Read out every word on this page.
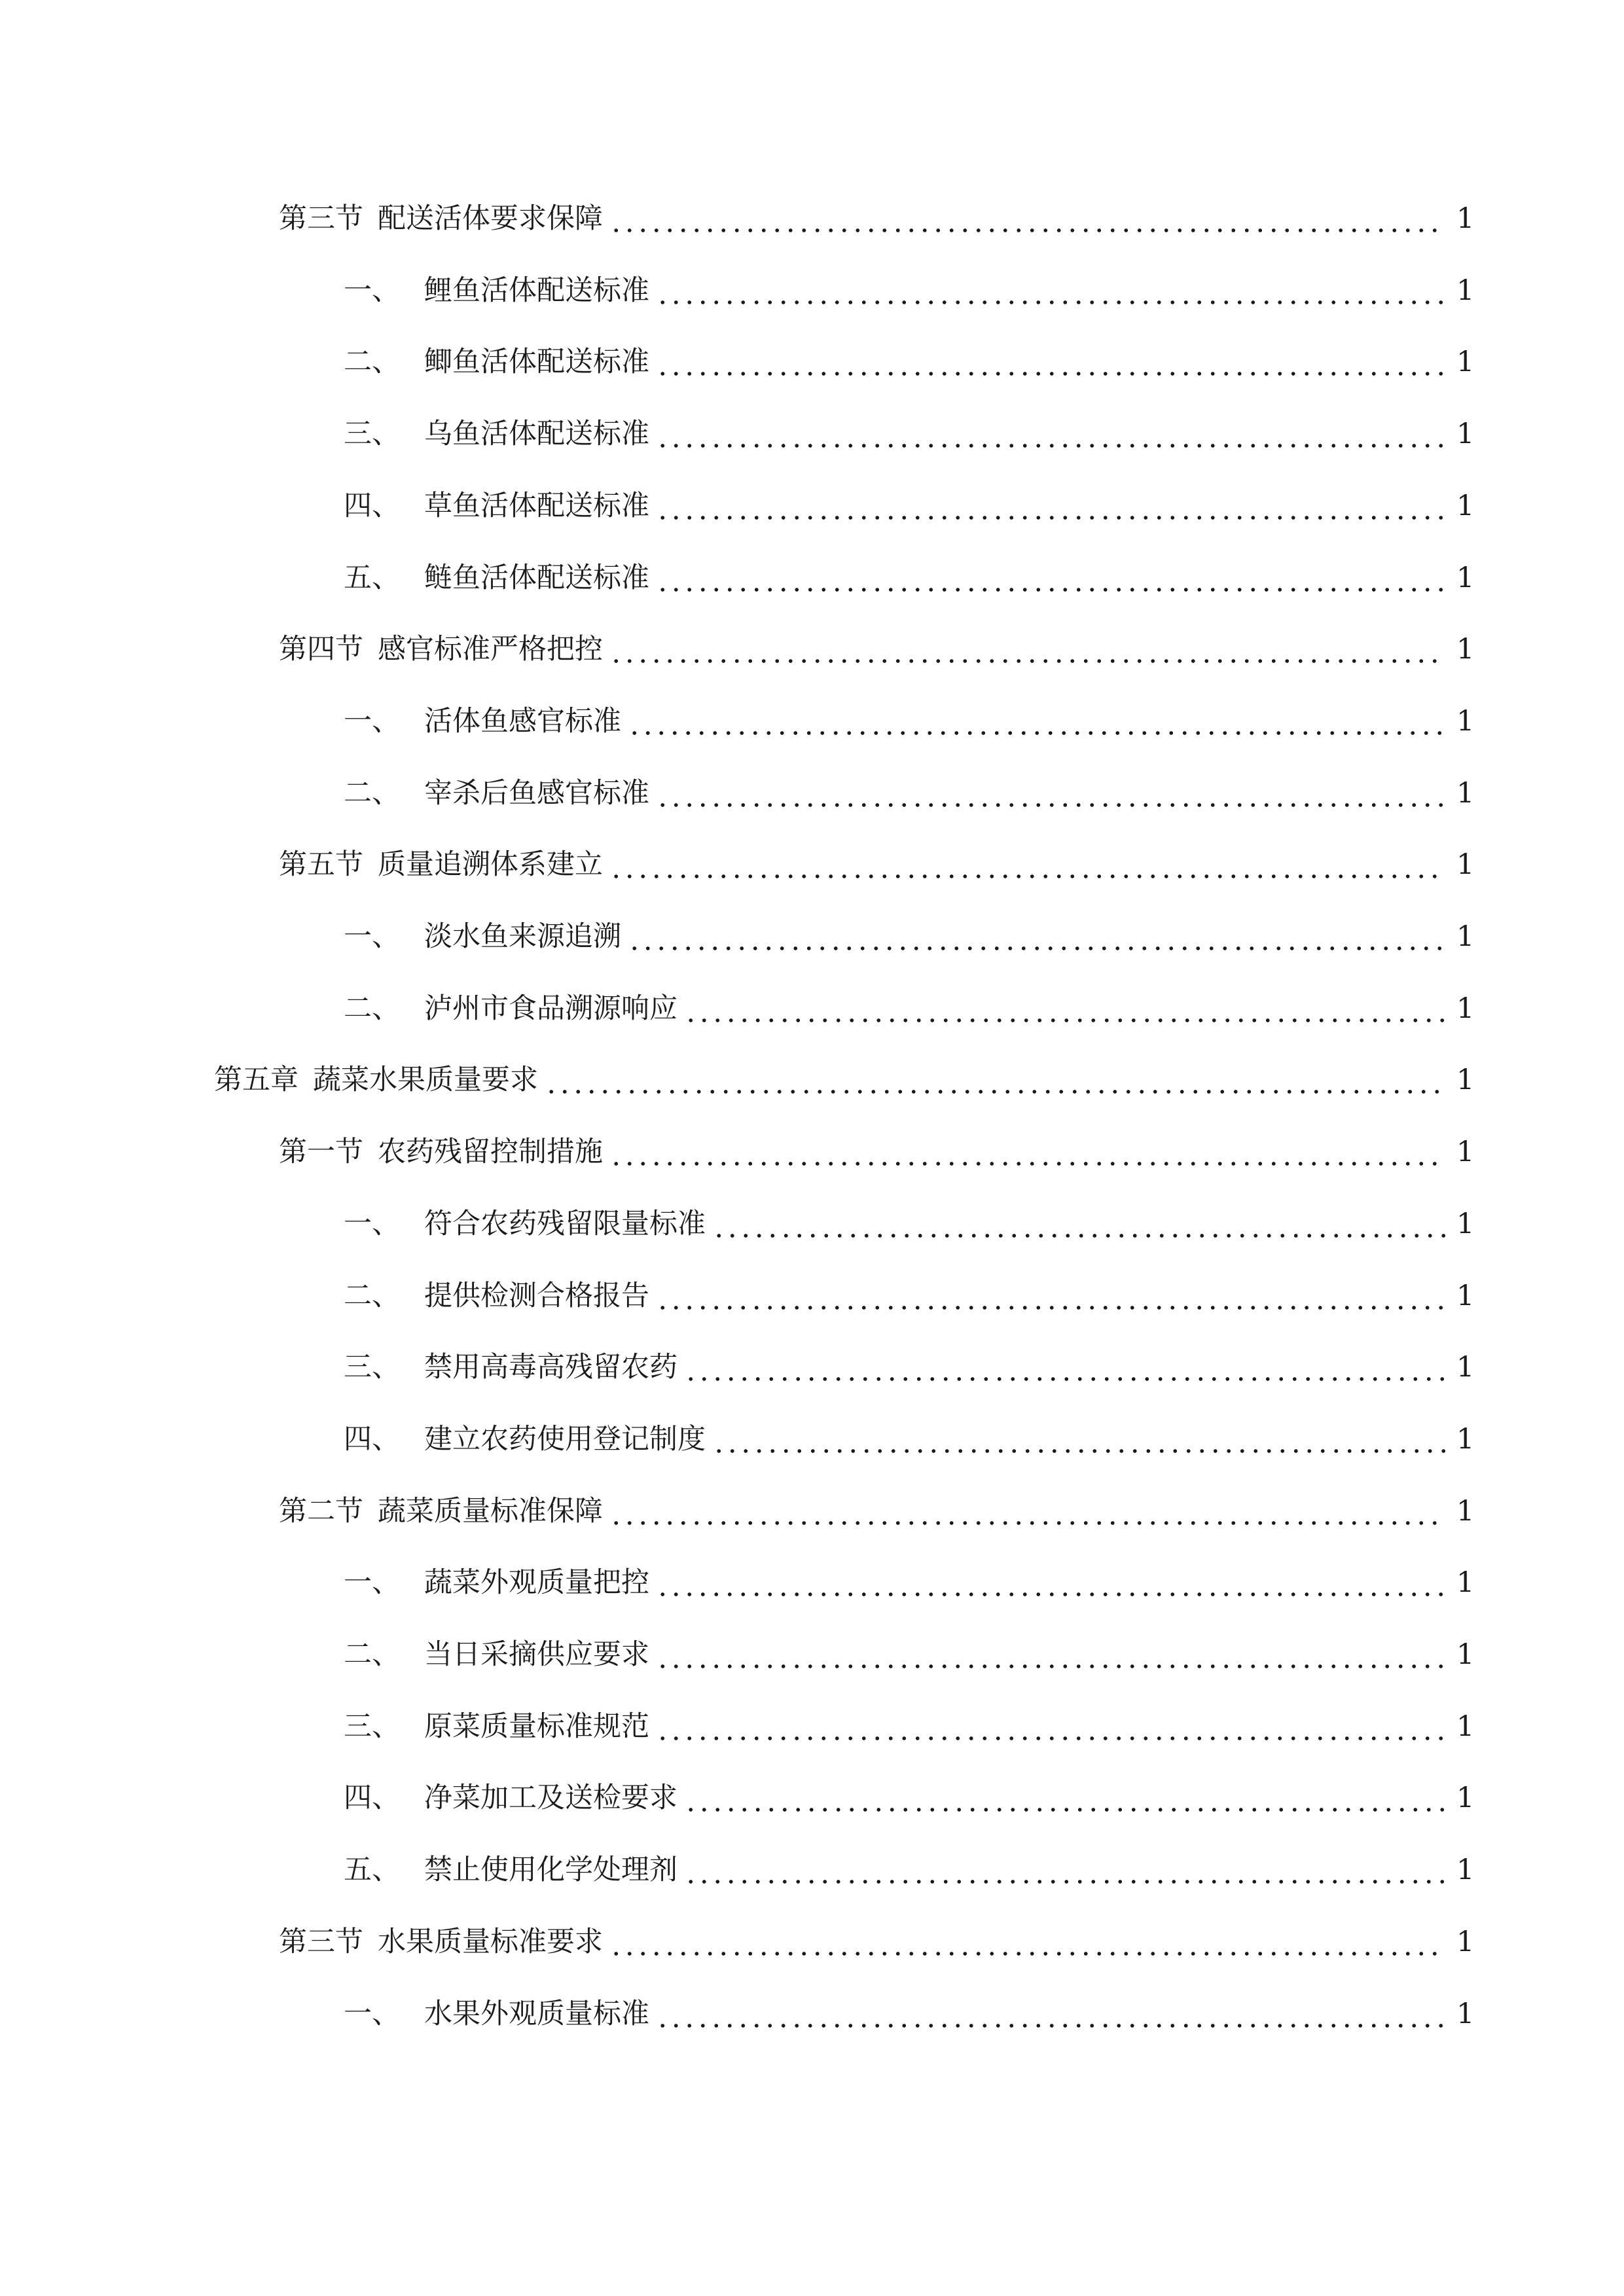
第三节 配送活体要求保障	1
一、 鲤鱼活体配送标准	1
二、 鲫鱼活体配送标准	1
三、 乌鱼活体配送标准	1
四、 草鱼活体配送标准	1
五、 鲢鱼活体配送标准	1
第四节 感官标准严格把控	1
一、 活体鱼感官标准	1
二、 宰杀后鱼感官标准	1
第五节 质量追溯体系建立	1
一、 淡水鱼来源追溯	1
二、 泸州市食品溯源响应	1
第五章 蔬菜水果质量要求	1
第一节 农药残留控制措施	1
一、 符合农药残留限量标准	1
二、 提供检测合格报告	1
三、 禁用高毒高残留农药	1
四、 建立农药使用登记制度	1
第二节 蔬菜质量标准保障	1
一、 蔬菜外观质量把控	1
二、 当日采摘供应要求	1
三、 原菜质量标准规范	1
四、 净菜加工及送检要求	1
五、 禁止使用化学处理剂	1
第三节 水果质量标准要求	1
一、 水果外观质量标准	1
